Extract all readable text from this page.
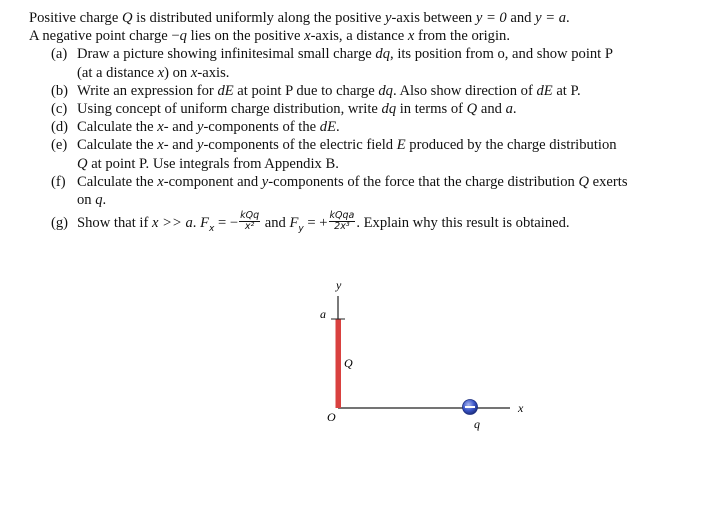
Positive charge Q is distributed uniformly along the positive y-axis between y = 0 and y = a.
A negative point charge −q lies on the positive x-axis, a distance x from the origin.
(a) Draw a picture showing infinitesimal small charge dq, its position from o, and show point P
(at a distance x) on x-axis.
(b) Write an expression for dE at point P due to charge dq. Also show direction of dE at P.
(c) Using concept of uniform charge distribution, write dq in terms of Q and a.
(d) Calculate the x- and y-components of the dE.
(e) Calculate the x- and y-components of the electric field E produced by the charge distribution
Q at point P. Use integrals from Appendix B.
(f) Calculate the x-component and y-components of the force that the charge distribution Q exerts
on q.
(g) Show that if x >> a. $F_x$ = − $\frac{\text{kQq}}{\text{x²}}$ and $F_y$ = + $\frac{\text{kQqa}}{\text{2x³}}$ . Explain why this result is obtained.
y
x
a
Q
O	q
